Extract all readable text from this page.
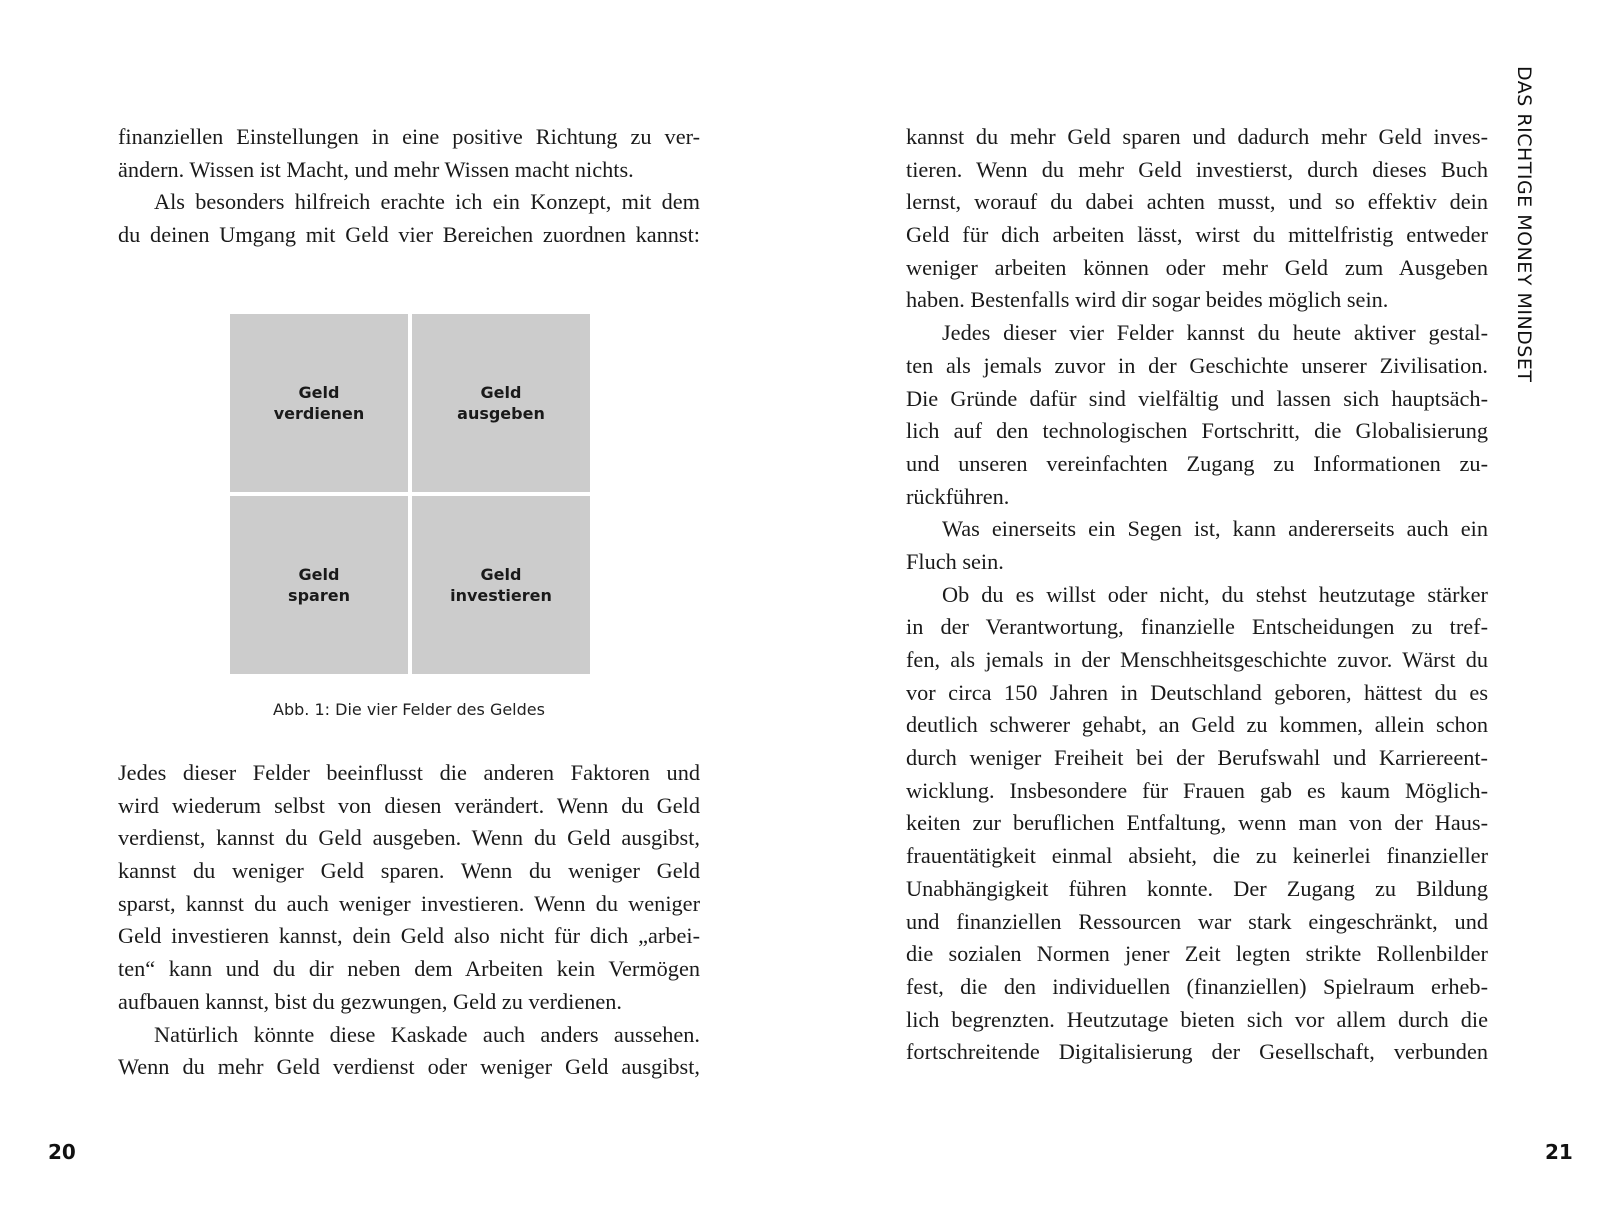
finanziellen Einstellungen in eine positive Richtung zu ver-
ändern. Wissen ist Macht, und mehr Wissen macht nichts.
Als besonders hilfreich erachte ich ein Konzept, mit dem
du deinen Umgang mit Geld vier Bereichen zuordnen kannst:
Geld
verdienen
Geld
ausgeben
Geld
sparen
Geld
investieren
Abb. 1: Die vier Felder des Geldes
Jedes dieser Felder beeinflusst die anderen Faktoren und
wird wiederum selbst von diesen verändert. Wenn du Geld
verdienst, kannst du Geld ausgeben. Wenn du Geld ausgibst,
kannst du weniger Geld sparen. Wenn du weniger Geld
sparst, kannst du auch weniger investieren. Wenn du weniger
Geld investieren kannst, dein Geld also nicht für dich „arbei-
ten“ kann und du dir neben dem Arbeiten kein Vermögen
aufbauen kannst, bist du gezwungen, Geld zu verdienen.
Natürlich könnte diese Kaskade auch anders aussehen.
Wenn du mehr Geld verdienst oder weniger Geld ausgibst,
20
kannst du mehr Geld sparen und dadurch mehr Geld inves-
tieren. Wenn du mehr Geld investierst, durch dieses Buch
lernst, worauf du dabei achten musst, und so effektiv dein
Geld für dich arbeiten lässt, wirst du mittelfristig entweder
weniger arbeiten können oder mehr Geld zum Ausgeben
haben. Bestenfalls wird dir sogar beides möglich sein.
Jedes dieser vier Felder kannst du heute aktiver gestal-
ten als jemals zuvor in der Geschichte unserer Zivilisation.
Die Gründe dafür sind vielfältig und lassen sich hauptsäch-
lich auf den technologischen Fortschritt, die Globalisierung
und unseren vereinfachten Zugang zu Informationen zu-
rückführen.
Was einerseits ein Segen ist, kann andererseits auch ein
Fluch sein.
Ob du es willst oder nicht, du stehst heutzutage stärker
in der Verantwortung, finanzielle Entscheidungen zu tref-
fen, als jemals in der Menschheitsgeschichte zuvor. Wärst du
vor circa 150 Jahren in Deutschland geboren, hättest du es
deutlich schwerer gehabt, an Geld zu kommen, allein schon
durch weniger Freiheit bei der Berufswahl und Karriereent-
wicklung. Insbesondere für Frauen gab es kaum Möglich-
keiten zur beruflichen Entfaltung, wenn man von der Haus-
frauentätigkeit einmal absieht, die zu keinerlei finanzieller
Unabhängigkeit führen konnte. Der Zugang zu Bildung
und finanziellen Ressourcen war stark eingeschränkt, und
die sozialen Normen jener Zeit legten strikte Rollenbilder
fest, die den individuellen (finanziellen) Spielraum erheb-
lich begrenzten. Heutzutage bieten sich vor allem durch die
fortschreitende Digitalisierung der Gesellschaft, verbunden
DAS RICHTIGE MONEY MINDSET
21
